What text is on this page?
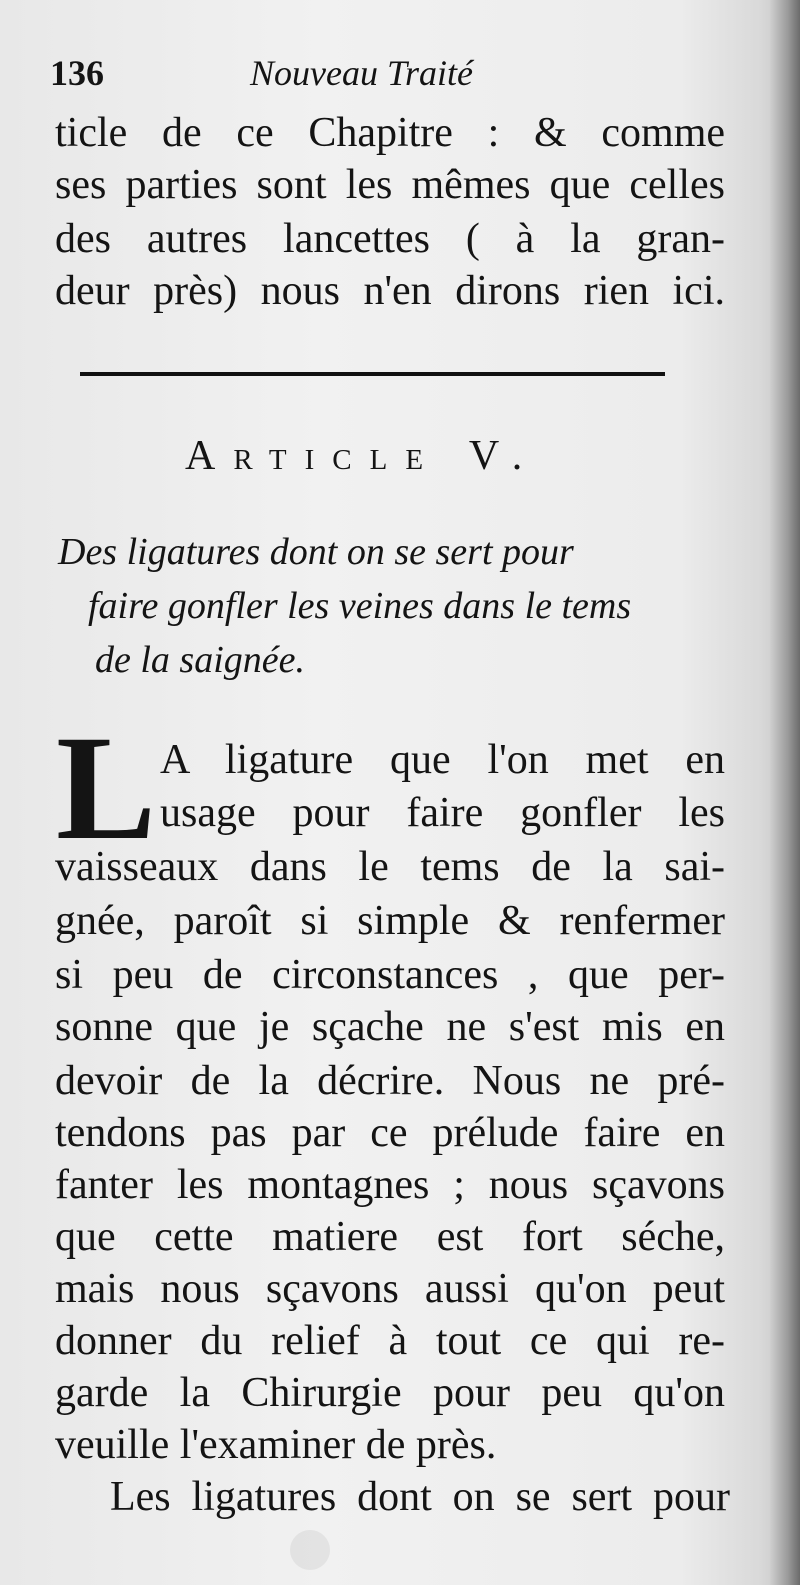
136	Nouveau Traité
ticle de ce Chapitre : & comme
ses parties sont les mêmes que celles
des autres lancettes ( à la gran-
deur près) nous n'en dirons rien ici.
Article V.
Des ligatures dont on se sert pour
faire gonfler les veines dans le tems
de la saignée.
L A ligature que l'on met en
usage pour faire gonfler les
vaisseaux dans le tems de la sai-
gnée, paroît si simple & renfermer
si peu de circonstances , que per-
sonne que je sçache ne s'est mis en
devoir de la décrire. Nous ne pré-
tendons pas par ce prélude faire en
fanter les montagnes ; nous sçavons
que cette matiere est fort séche,
mais nous sçavons aussi qu'on peut
donner du relief à tout ce qui re-
garde la Chirurgie pour peu qu'on
veuille l'examiner de près.
Les ligatures dont on se sert pour
